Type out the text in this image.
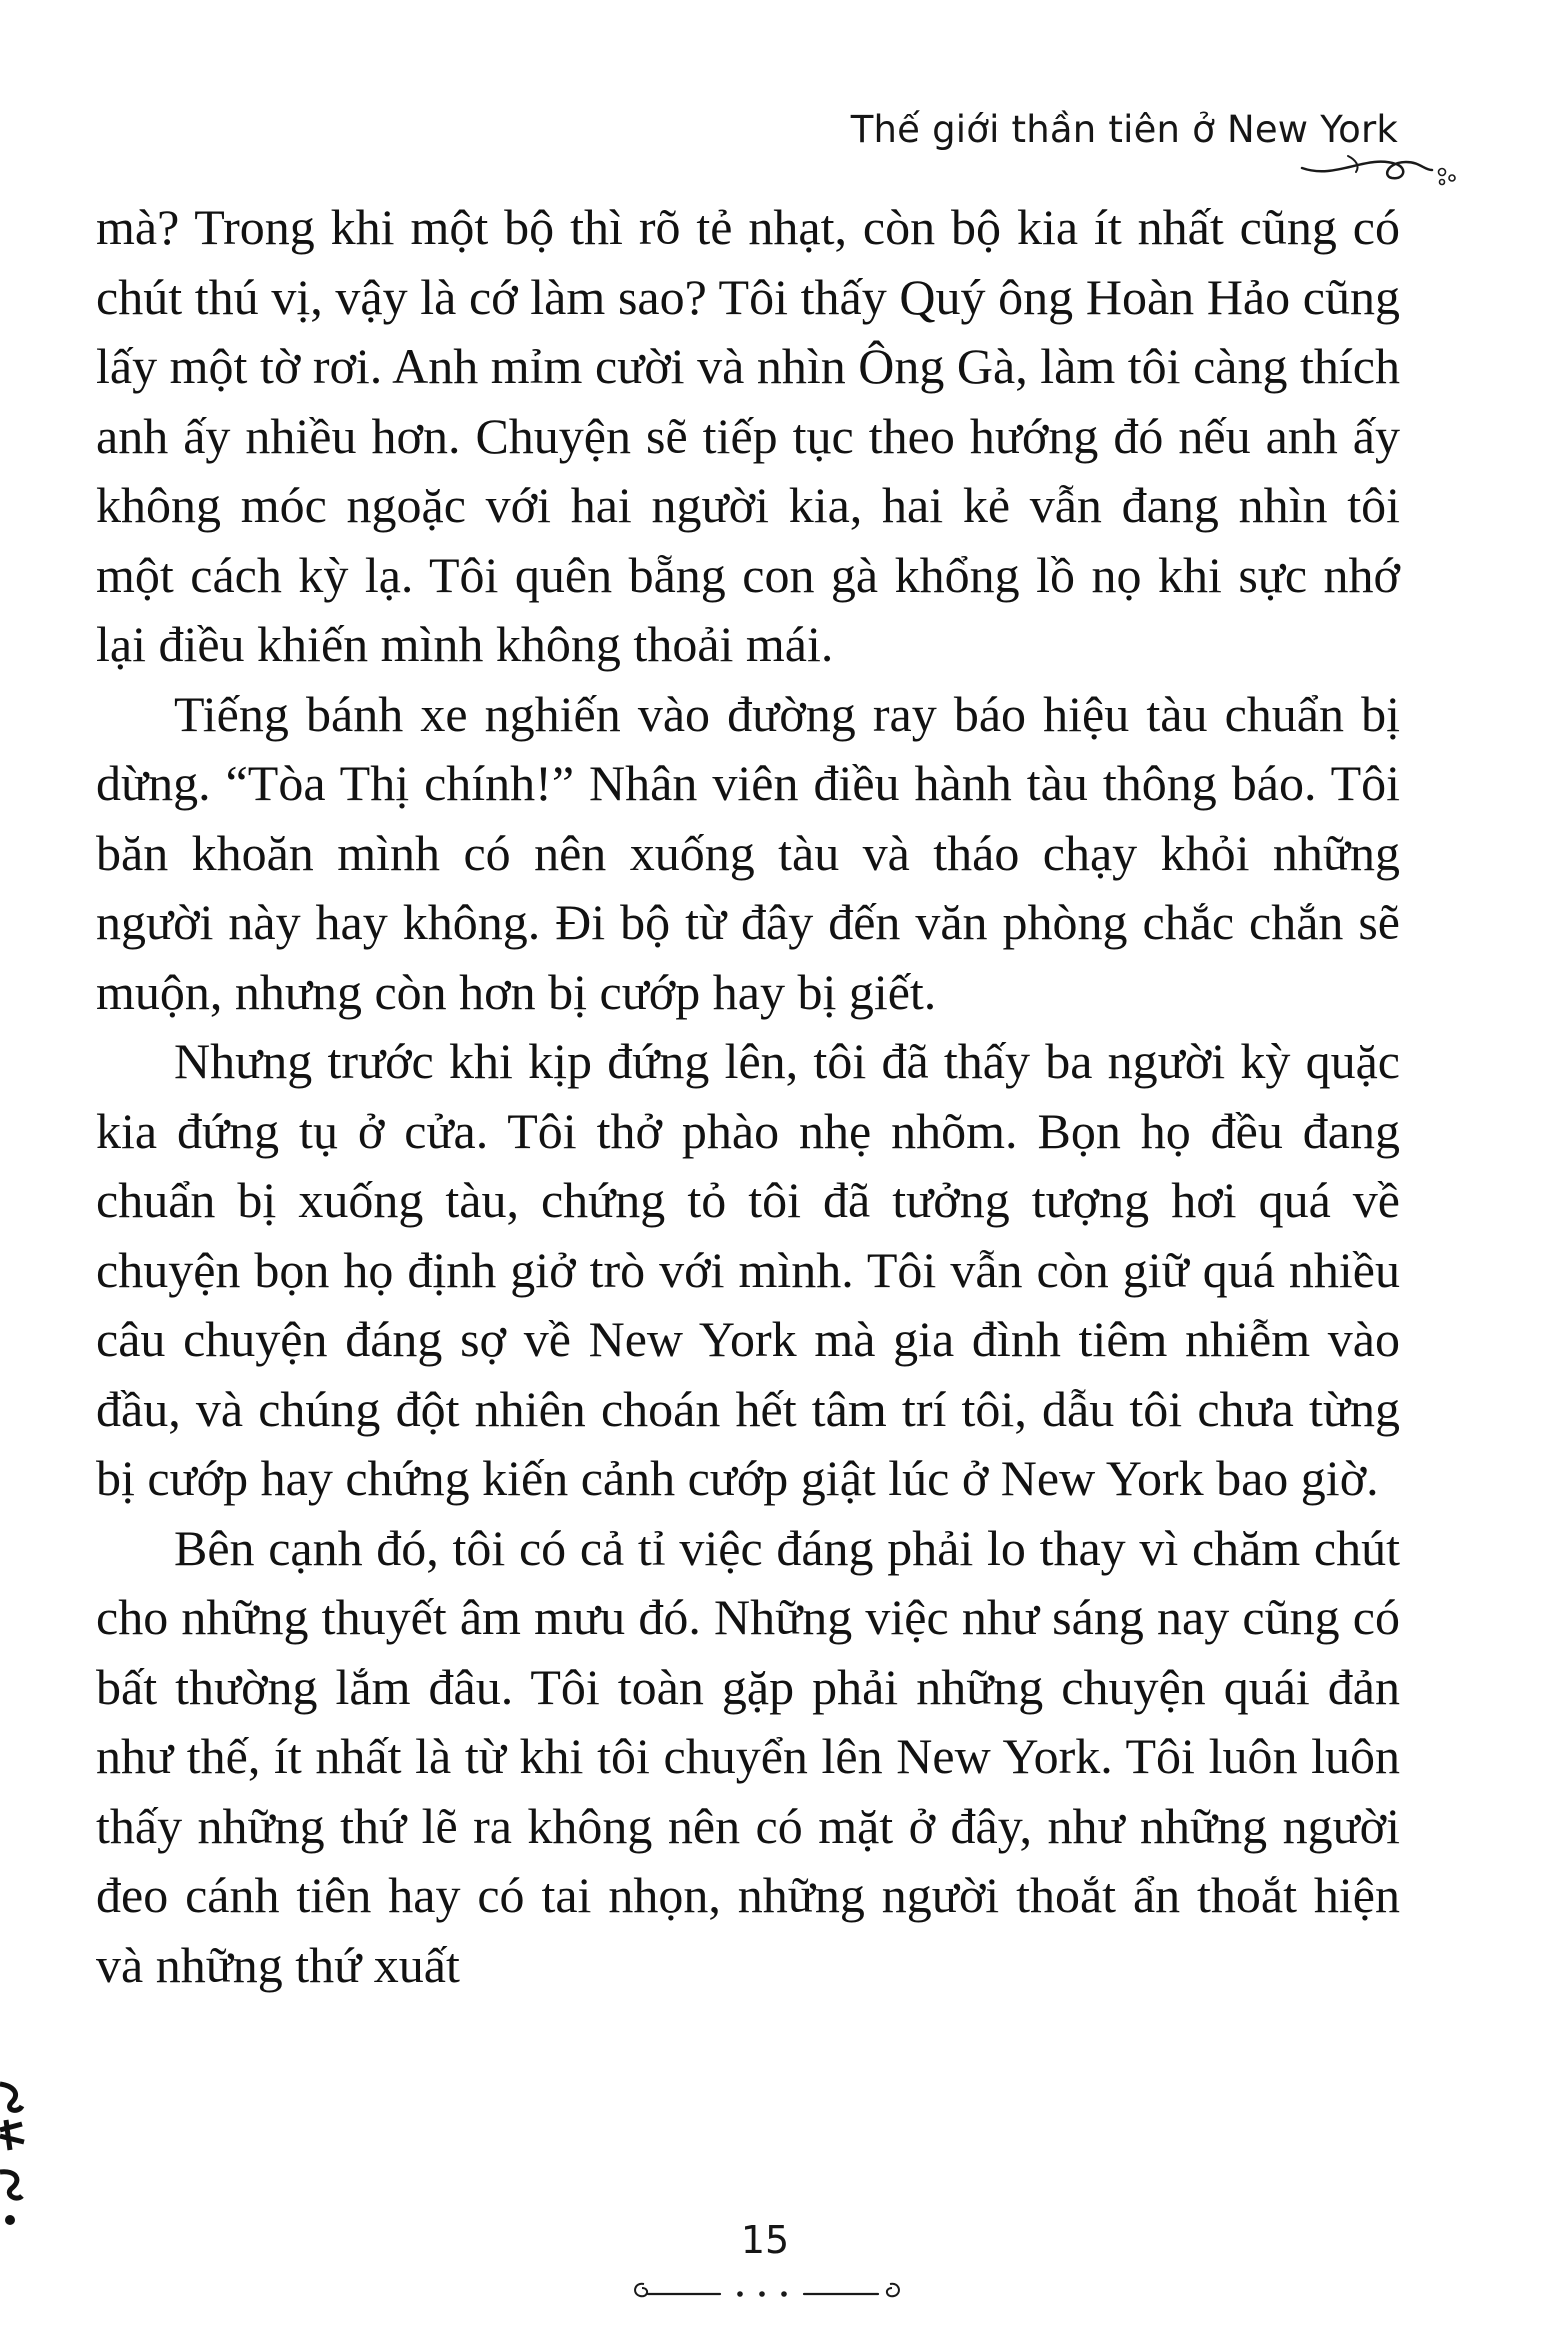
Thế giới thần tiên ở New York

mà? Trong khi một bộ thì rõ tẻ nhạt, còn bộ kia ít nhất cũng có chút thú vị, vậy là cớ làm sao? Tôi thấy Quý ông Hoàn Hảo cũng lấy một tờ rơi. Anh mỉm cười và nhìn Ông Gà, làm tôi càng thích anh ấy nhiều hơn. Chuyện sẽ tiếp tục theo hướng đó nếu anh ấy không móc ngoặc với hai người kia, hai kẻ vẫn đang nhìn tôi một cách kỳ lạ. Tôi quên bẵng con gà khổng lồ nọ khi sực nhớ lại điều khiến mình không thoải mái.

Tiếng bánh xe nghiến vào đường ray báo hiệu tàu chuẩn bị dừng. “Tòa Thị chính!” Nhân viên điều hành tàu thông báo. Tôi băn khoăn mình có nên xuống tàu và tháo chạy khỏi những người này hay không. Đi bộ từ đây đến văn phòng chắc chắn sẽ muộn, nhưng còn hơn bị cướp hay bị giết.

Nhưng trước khi kịp đứng lên, tôi đã thấy ba người kỳ quặc kia đứng tụ ở cửa. Tôi thở phào nhẹ nhõm. Bọn họ đều đang chuẩn bị xuống tàu, chứng tỏ tôi đã tưởng tượng hơi quá về chuyện bọn họ định giở trò với mình. Tôi vẫn còn giữ quá nhiều câu chuyện đáng sợ về New York mà gia đình tiêm nhiễm vào đầu, và chúng đột nhiên choán hết tâm trí tôi, dẫu tôi chưa từng bị cướp hay chứng kiến cảnh cướp giật lúc ở New York bao giờ.

Bên cạnh đó, tôi có cả tỉ việc đáng phải lo thay vì chăm chút cho những thuyết âm mưu đó. Những việc như sáng nay cũng có bất thường lắm đâu. Tôi toàn gặp phải những chuyện quái đản như thế, ít nhất là từ khi tôi chuyển lên New York. Tôi luôn luôn thấy những thứ lẽ ra không nên có mặt ở đây, như những người đeo cánh tiên hay có tai nhọn, những người thoắt ẩn thoắt hiện và những thứ xuất

15
